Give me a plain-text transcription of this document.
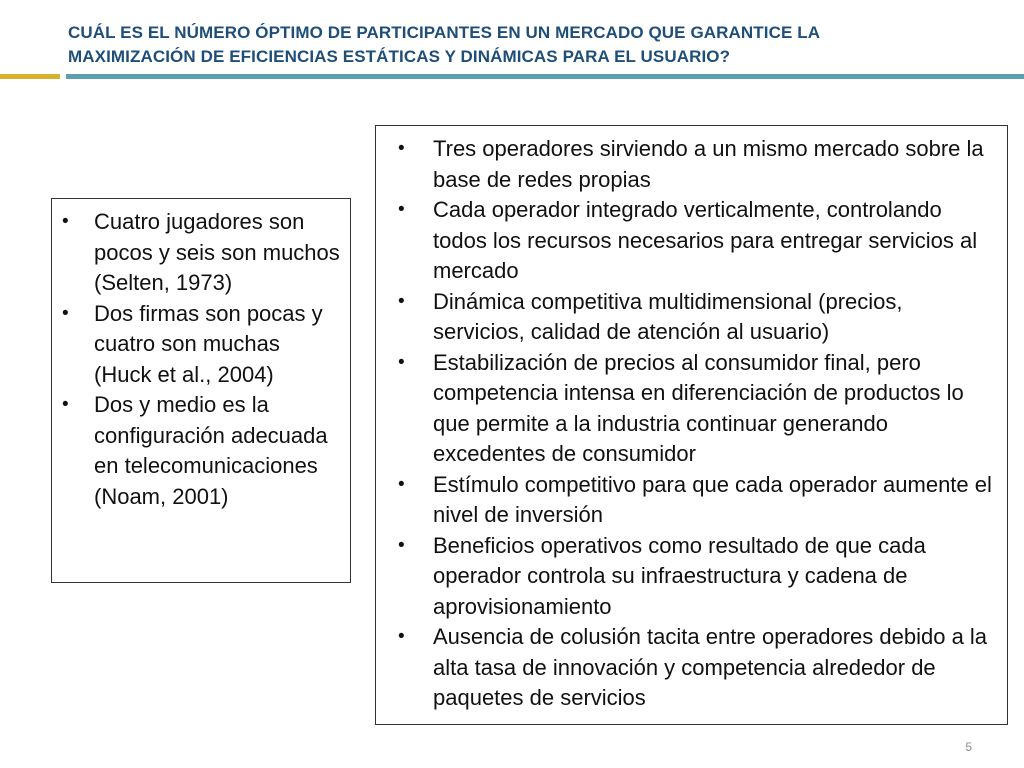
CUÁL ES EL NÚMERO ÓPTIMO DE PARTICIPANTES EN UN MERCADO QUE GARANTICE LA
MAXIMIZACIÓN DE EFICIENCIAS ESTÁTICAS Y DINÁMICAS PARA EL USUARIO?
• Cuatro jugadores son pocos y seis son muchos (Selten, 1973)
• Dos firmas son pocas y cuatro son muchas (Huck et al., 2004)
• Dos y medio es la configuración adecuada en telecomunicaciones (Noam, 2001)
• Tres operadores sirviendo a un mismo mercado sobre la base de redes propias
• Cada operador integrado verticalmente, controlando todos los recursos necesarios para entregar servicios al mercado
• Dinámica competitiva multidimensional (precios, servicios, calidad de atención al usuario)
• Estabilización de precios al consumidor final, pero competencia intensa en diferenciación de productos lo que permite a la industria continuar generando excedentes de consumidor
• Estímulo competitivo para que cada operador aumente el nivel de inversión
• Beneficios operativos como resultado de que cada operador controla su infraestructura y cadena de aprovisionamiento
• Ausencia de colusión tacita entre operadores debido a la alta tasa de innovación y competencia alrededor de paquetes de servicios
5
